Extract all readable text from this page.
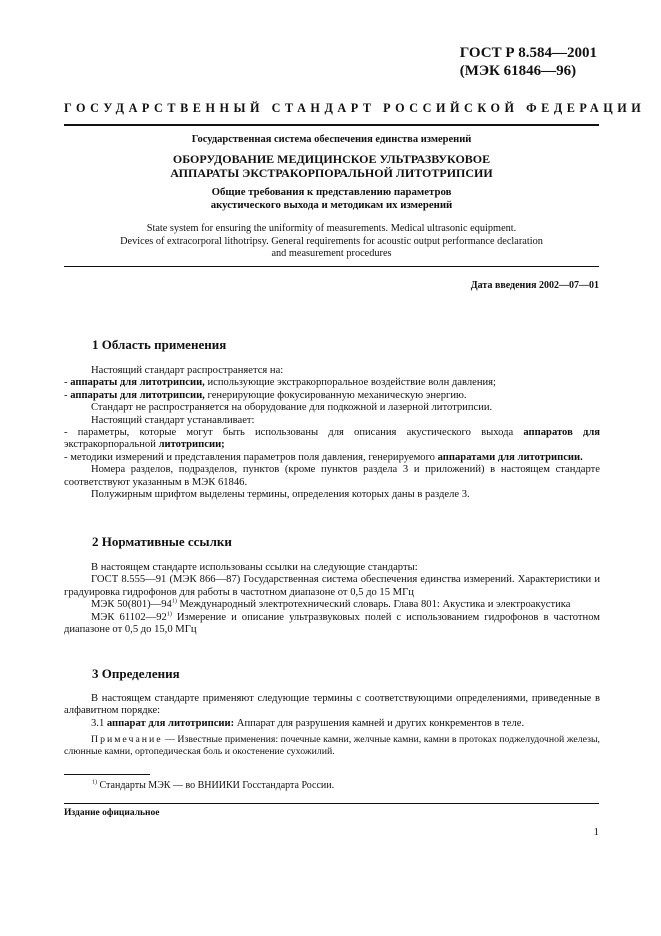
ГОСТ Р 8.584—2001
(МЭК 61846—96)
ГОСУДАРСТВЕННЫЙ СТАНДАРТ РОССИЙСКОЙ ФЕДЕРАЦИИ
Государственная система обеспечения единства измерений
ОБОРУДОВАНИЕ МЕДИЦИНСКОЕ УЛЬТРАЗВУКОВОЕ
АППАРАТЫ ЭКСТРАКОРПОРАЛЬНОЙ ЛИТОТРИПСИИ
Общие требования к представлению параметров
акустического выхода и методикам их измерений
State system for ensuring the uniformity of measurements. Medical ultrasonic equipment.
Devices of extracorporal lithotripsy. General requirements for acoustic output performance declaration
and measurement procedures
Дата введения 2002—07—01
1 Область применения

Настоящий стандарт распространяется на:

- аппараты для литотрипсии, использующие экстракорпоральное воздействие волн давления;

- аппараты для литотрипсии, генерирующие фокусированную механическую энергию.

Стандарт не распространяется на оборудование для подкожной и лазерной литотрипсии.

Настоящий стандарт устанавливает:

- параметры, которые могут быть использованы для описания акустического выхода аппаратов для экстракорпоральной литотрипсии;

- методики измерений и представления параметров поля давления, генерируемого аппаратами для литотрипсии.

Номера разделов, подразделов, пунктов (кроме пунктов раздела 3 и приложений) в настоящем стандарте соответствуют указанным в МЭК 61846.

Полужирным шрифтом выделены термины, определения которых даны в разделе 3.

2 Нормативные ссылки

В настоящем стандарте использованы ссылки на следующие стандарты:

ГОСТ 8.555—91 (МЭК 866—87) Государственная система обеспечения единства измерений. Характеристики и градуировка гидрофонов для работы в частотном диапазоне от 0,5 до 15 МГц

МЭК 50(801)—94$^{1)}$ Международный электротехнический словарь. Глава 801: Акустика и электроакустика

МЭК 61102—92$^{1)}$ Измерение и описание ультразвуковых полей с использованием гидрофонов в частотном диапазоне от 0,5 до 15,0 МГц

3 Определения

В настоящем стандарте применяют следующие термины с соответствующими определениями, приведенные в алфавитном порядке:

3.1 аппарат для литотрипсии: Аппарат для разрушения камней и других конкрементов в теле.

Примечание — Известные применения: почечные камни, желчные камни, камни в протоках поджелудочной железы, слюнные камни, ортопедическая боль и окостенение сухожилий.

$^{1)}$ Стандарты МЭК — во ВНИИКИ Госстандарта России.
Издание официальное
1
